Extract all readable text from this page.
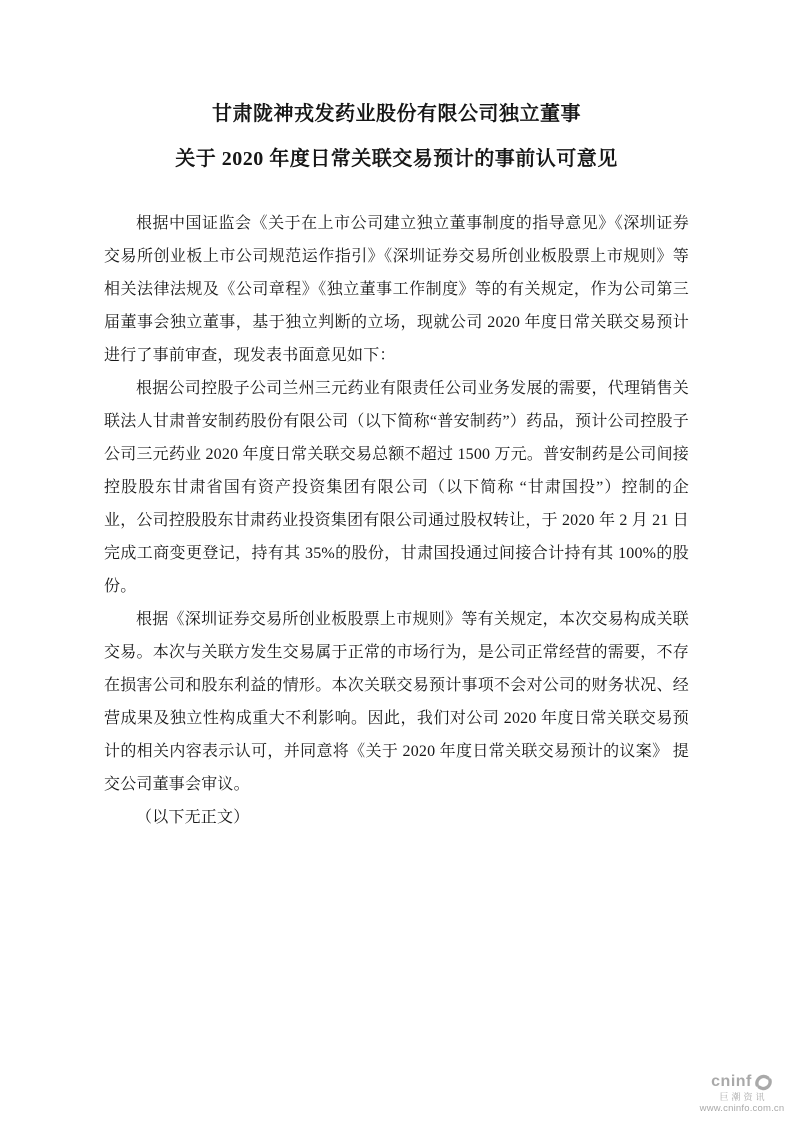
甘肃陇神戎发药业股份有限公司独立董事
关于 2020 年度日常关联交易预计的事前认可意见

根据中国证监会《关于在上市公司建立独立董事制度的指导意见》《深圳证券交易所创业板上市公司规范运作指引》《深圳证券交易所创业板股票上市规则》等相关法律法规及《公司章程》《独立董事工作制度》等的有关规定，作为公司第三届董事会独立董事，基于独立判断的立场，现就公司 2020 年度日常关联交易预计进行了事前审查，现发表书面意见如下：

根据公司控股子公司兰州三元药业有限责任公司业务发展的需要，代理销售关联法人甘肃普安制药股份有限公司（以下简称“普安制药”）药品，预计公司控股子公司三元药业 2020 年度日常关联交易总额不超过 1500 万元。普安制药是公司间接控股股东甘肃省国有资产投资集团有限公司（以下简称 “甘肃国投”）控制的企业，公司控股股东甘肃药业投资集团有限公司通过股权转让，于 2020 年 2 月 21 日完成工商变更登记，持有其 35%的股份，甘肃国投通过间接合计持有其 100%的股份。

根据《深圳证券交易所创业板股票上市规则》等有关规定，本次交易构成关联交易。本次与关联方发生交易属于正常的市场行为，是公司正常经营的需要，不存在损害公司和股东利益的情形。本次关联交易预计事项不会对公司的财务状况、经营成果及独立性构成重大不利影响。因此，我们对公司 2020 年度日常关联交易预计的相关内容表示认可，并同意将《关于 2020 年度日常关联交易预计的议案》 提交公司董事会审议。

（以下无正文）

cninf
巨潮资讯
www.cninfo.com.cn
